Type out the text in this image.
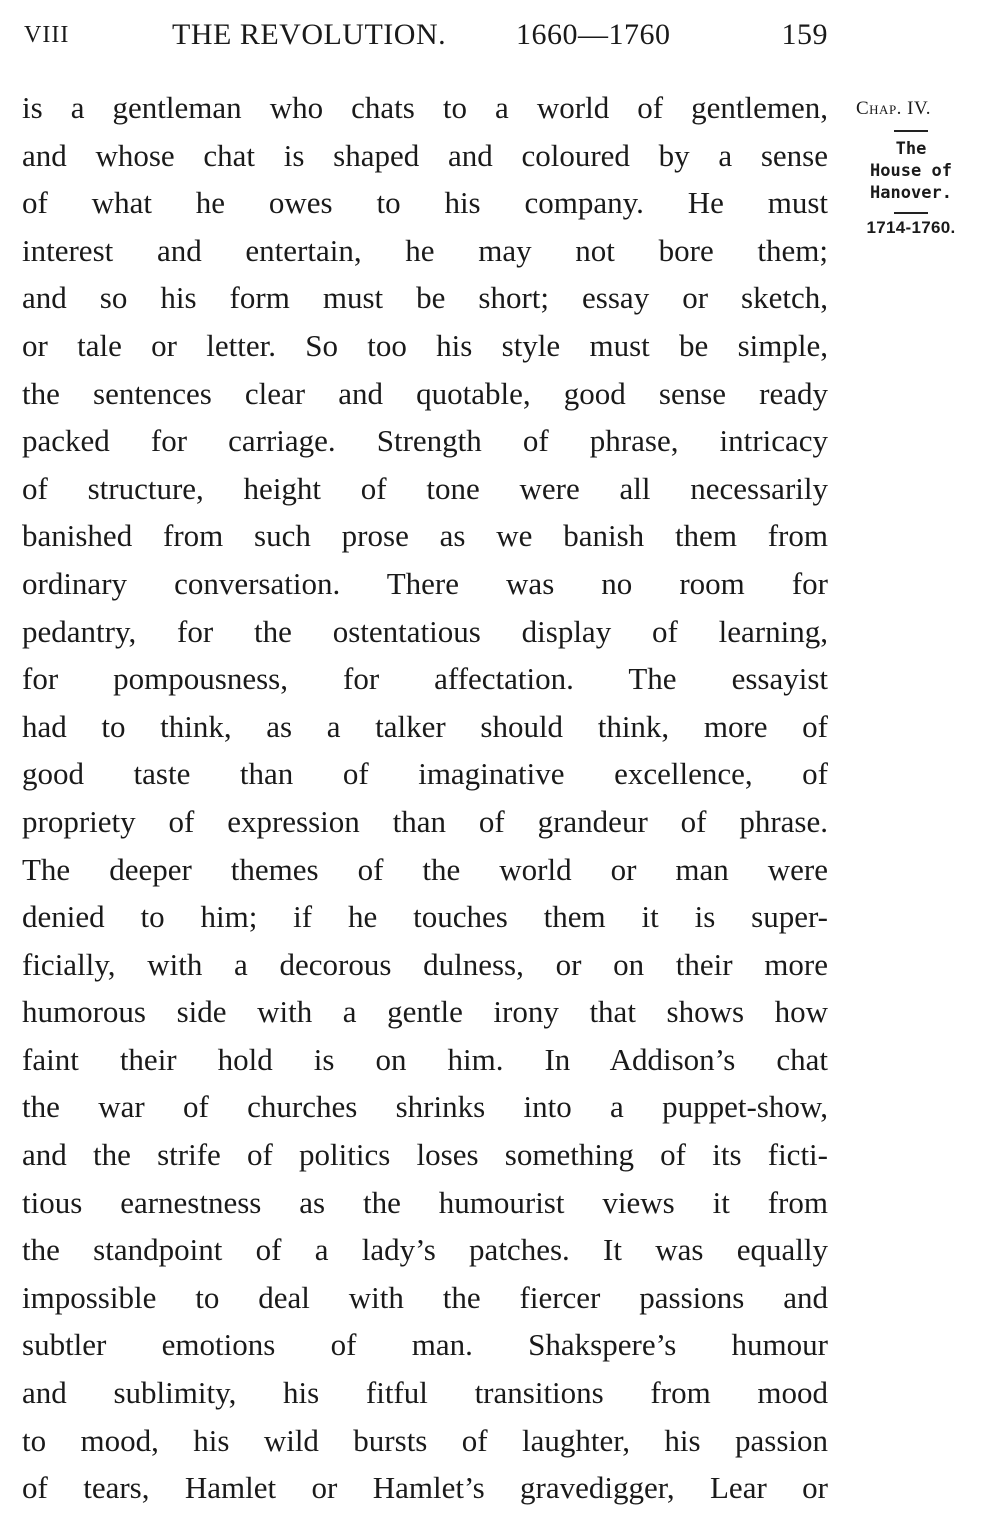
VIII	THE REVOLUTION. 1660—1760	159
is a gentleman who chats to a world of gentlemen,
and whose chat is shaped and coloured by a sense
of what he owes to his company. He must
interest and entertain, he may not bore them;
and so his form must be short; essay or sketch,
or tale or letter. So too his style must be simple,
the sentences clear and quotable, good sense ready
packed for carriage. Strength of phrase, intricacy
of structure, height of tone were all necessarily
banished from such prose as we banish them from
ordinary conversation. There was no room for
pedantry, for the ostentatious display of learning,
for pompousness, for affectation. The essayist
had to think, as a talker should think, more of
good taste than of imaginative excellence, of
propriety of expression than of grandeur of phrase.
The deeper themes of the world or man were
denied to him; if he touches them it is super-
ficially, with a decorous dulness, or on their more
humorous side with a gentle irony that shows how
faint their hold is on him. In Addison’s chat
the war of churches shrinks into a puppet-show,
and the strife of politics loses something of its ficti-
tious earnestness as the humourist views it from
the standpoint of a lady’s patches. It was equally
impossible to deal with the fiercer passions and
subtler emotions of man. Shakspere’s humour
and sublimity, his fitful transitions from mood
to mood, his wild bursts of laughter, his passion
of tears, Hamlet or Hamlet’s gravedigger, Lear or
Chap. IV.
The
House of
Hanover.
1714-1760.
